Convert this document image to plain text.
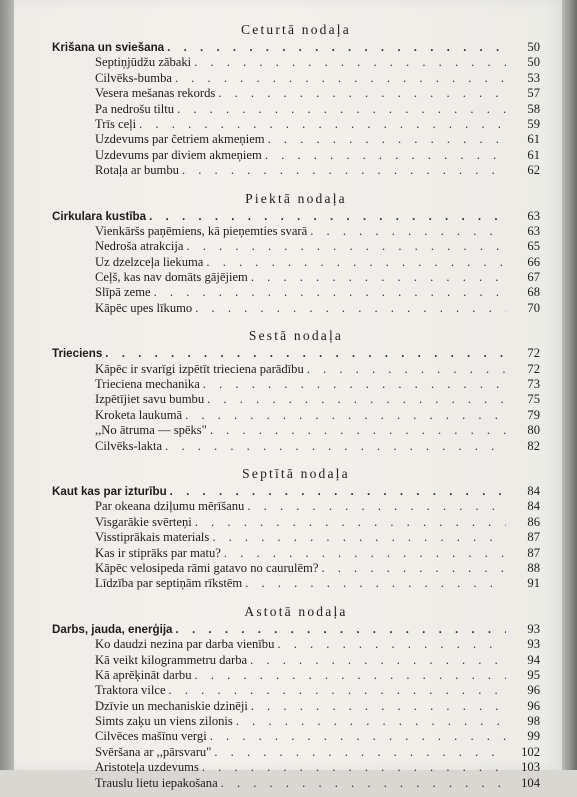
Ceturtā nodaļa
Krišana un sviešana . . .	50
Septiņjūdžu zābaki . . .	50
Cilvēks-bumba . . .	53
Vesera mešanas rekords . . .	57
Pa nedrošu tiltu . . .	58
Trīs ceļi . . .	59
Uzdevums par četriem akmeņiem . . .	61
Uzdevums par diviem akmeņiem . . .	61
Rotaļa ar bumbu . . .	62
Piektā nodaļa
Cirkulara kustība . . .	63
Vienkāršs paņēmiens, kā pieņemties svarā . . .	63
Nedroša atrakcija . . .	65
Uz dzelzceļa liekuma . . .	66
Ceļš, kas nav domāts gājējiem . . .	67
Slīpā zeme . . .	68
Kāpēc upes līkumo . . .	70
Sestā nodaļa
Trieciens . . .	72
Kāpēc ir svarīgi izpētīt trieciena parādību . . .	72
Trieciena mechanika . . .	73
Izpētījiet savu bumbu . . .	75
Kroketa laukumā . . .	79
,,No ātruma — spēks" . . .	80
Cilvēks-lakta . . .	82
Septītā nodaļa
Kaut kas par izturību . . .	84
Par okeana dziļumu mērīšanu . . .	84
Visgarākie svērteņi . . .	86
Visstiprākais materials . . .	87
Kas ir stiprāks par matu? . . .	87
Kāpēc velosipeda rāmi gatavo no caurulēm? . . .	88
Līdzība par septiņām rīkstēm . . .	91
Astotā nodaļa
Darbs, jauda, enerģija . . .	93
Ko daudzi nezina par darba vienību . . .	93
Kā veikt kilogrammetru darba . . .	94
Kā aprēķināt darbu . . .	95
Traktora vilce . . .	96
Dzīvie un mechaniskie dzinēji . . .	96
Simts zaķu un viens zilonis . . .	98
Cilvēces mašīnu vergi . . .	99
Svēršana ar ,,pārsvaru" . . .	102
Aristoteļa uzdevums . . .	103
Trauslu lietu iepakošana . . .	104
